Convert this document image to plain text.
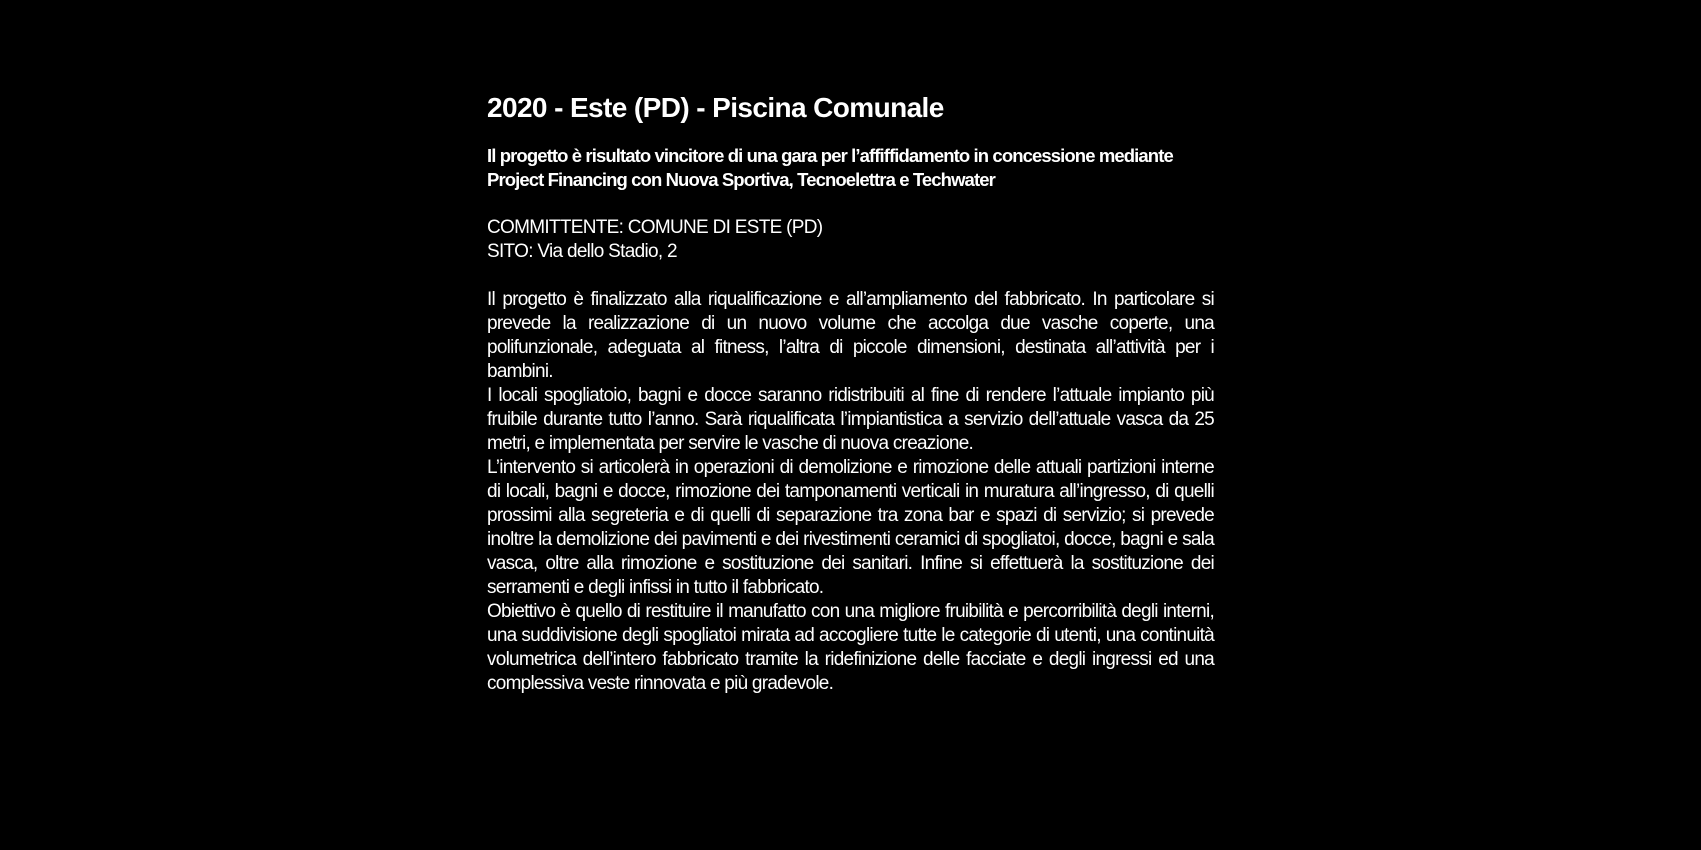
2020 - Este (PD) - Piscina Comunale
Il progetto è risultato vincitore di una gara per l’affiffidamento in concessione mediante Project Financing con Nuova Sportiva, Tecnoelettra e Techwater
COMMITTENTE: COMUNE DI ESTE (PD)
SITO: Via dello Stadio, 2

Il progetto è finalizzato alla riqualificazione e all’ampliamento del fabbricato. In particolare si prevede la realizzazione di un nuovo volume che accolga due vasche coperte, una polifunzionale, adeguata al fitness, l’altra di piccole dimensioni, destinata all’attività per i bambini.

I locali spogliatoio, bagni e docce saranno ridistribuiti al fine di rendere l’attuale impianto più fruibile durante tutto l’anno. Sarà riqualificata l’impiantistica a servizio dell’attuale vasca da 25 metri, e implementata per servire le vasche di nuova creazione.

L’intervento si articolerà in operazioni di demolizione e rimozione delle attuali partizioni interne di locali, bagni e docce, rimozione dei tamponamenti verticali in muratura all’ingresso, di quelli prossimi alla segreteria e di quelli di separazione tra zona bar e spazi di servizio; si prevede inoltre la demolizione dei pavimenti e dei rivestimenti ceramici di spogliatoi, docce, bagni e sala vasca, oltre alla rimozione e sostituzione dei sanitari. Infine si effettuerà la sostituzione dei serramenti e degli infissi in tutto il fabbricato.

Obiettivo è quello di restituire il manufatto con una migliore fruibilità e percorribilità degli interni, una suddivisione degli spogliatoi mirata ad accogliere tutte le categorie di utenti, una continuità volumetrica dell’intero fabbricato tramite la ridefinizione delle facciate e degli ingressi ed una complessiva veste rinnovata e più gradevole.
